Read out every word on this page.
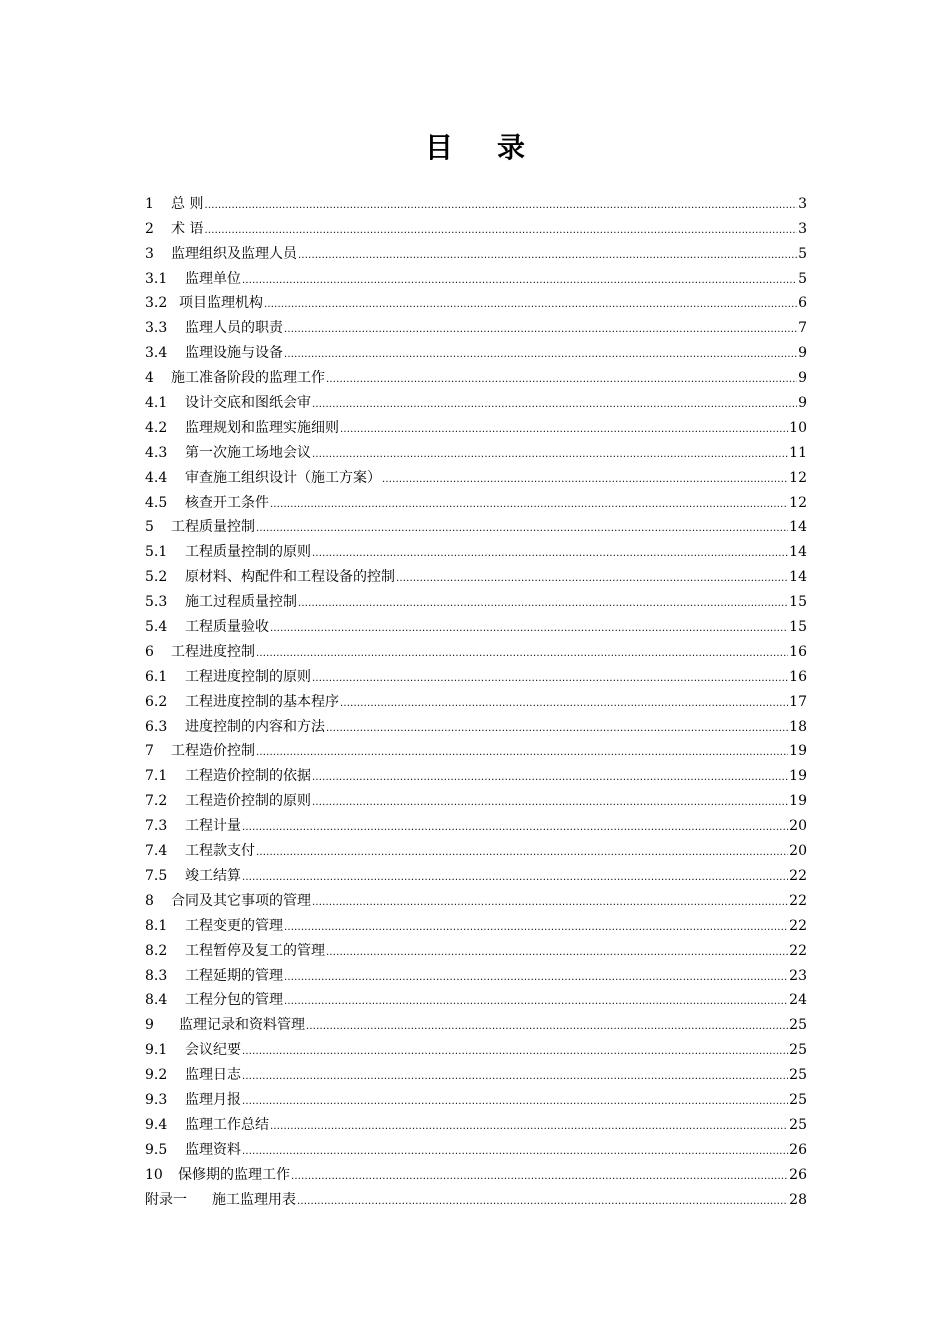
目 录
1	总 则 .....	3
2	术 语 .....	3
3	监理组织及监理人员 .....	5
3.1	监理单位 .....	5
3.2 项目监理机构 .....	6
3.3	监理人员的职责 .....	7
3.4	监理设施与设备 .....	9
4	施工准备阶段的监理工作 .....	9
4.1	设计交底和图纸会审 .....	9
4.2	监理规划和监理实施细则 .....	10
4.3	第一次施工场地会议 .....	11
4.4	审查施工组织设计（施工方案） .....	12
4.5	核查开工条件 .....	12
5	工程质量控制 .....	14
5.1	工程质量控制的原则 .....	14
5.2	原材料、构配件和工程设备的控制 .....	14
5.3	施工过程质量控制 .....	15
5.4	工程质量验收 .....	15
6	工程进度控制 .....	16
6.1	工程进度控制的原则 .....	16
6.2	工程进度控制的基本程序 .....	17
6.3	进度控制的内容和方法 .....	18
7	工程造价控制 .....	19
7.1	工程造价控制的依据 .....	19
7.2	工程造价控制的原则 .....	19
7.3	工程计量 .....	20
7.4	工程款支付 .....	20
7.5	竣工结算 .....	22
8	合同及其它事项的管理 .....	22
8.1	工程变更的管理 .....	22
8.2	工程暂停及复工的管理 .....	22
8.3	工程延期的管理 .....	23
8.4	工程分包的管理 .....	24
9	监理记录和资料管理 .....	25
9.1	会议纪要 .....	25
9.2	监理日志 .....	25
9.3	监理月报 .....	25
9.4	监理工作总结 .....	25
9.5	监理资料 .....	26
10	保修期的监理工作 .....	26
附录一	施工监理用表 .....	28
